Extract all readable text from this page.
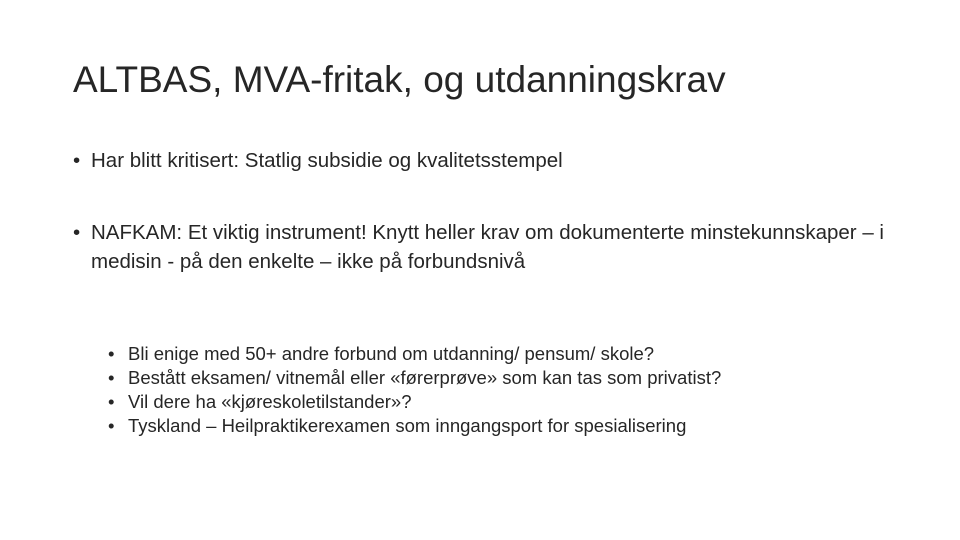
ALTBAS, MVA-fritak, og utdanningskrav
• Har blitt kritisert: Statlig subsidie og kvalitetsstempel
• NAFKAM: Et viktig instrument! Knytt heller krav om dokumenterte minstekunnskaper – i medisin - på den enkelte – ikke på forbundsnivå
• Bli enige med 50+ andre forbund om utdanning/ pensum/ skole?
• Bestått eksamen/ vitnemål eller «førerprøve» som kan tas som privatist?
• Vil dere ha «kjøreskoletilstander»?
• Tyskland – Heilpraktikerexamen som inngangsport for spesialisering
